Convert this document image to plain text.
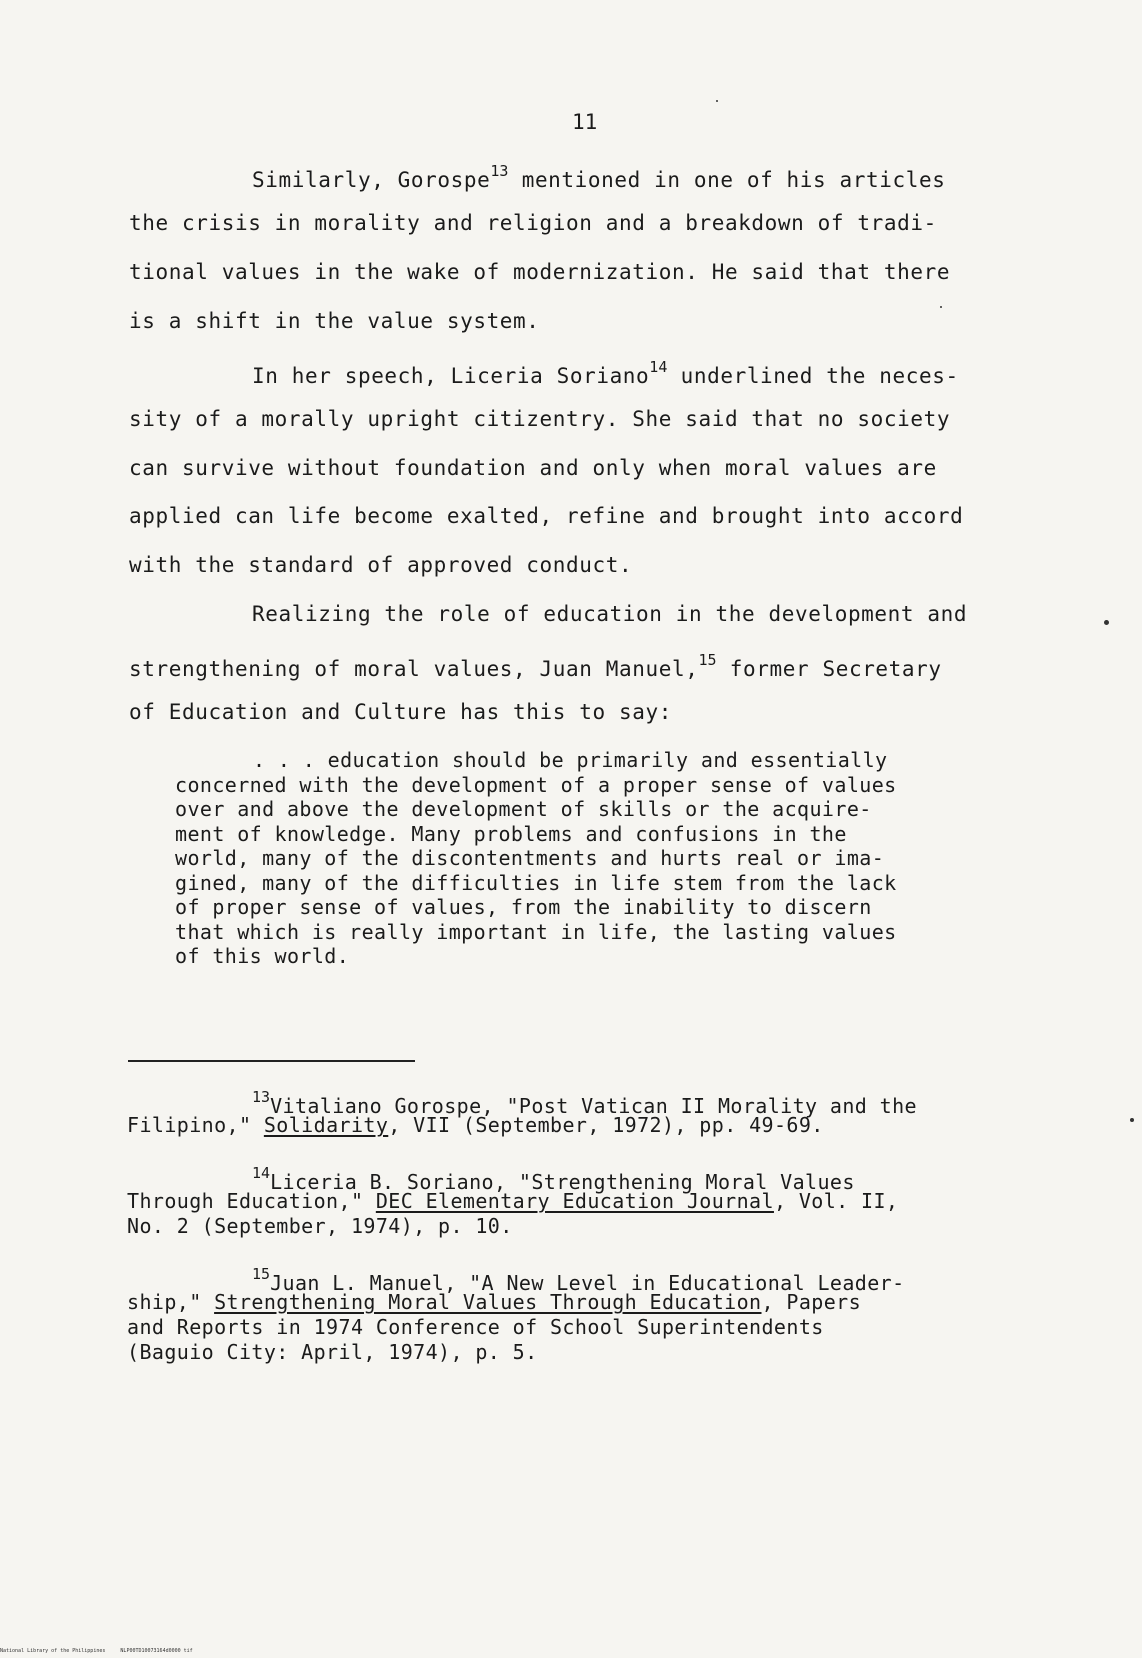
11
Similarly, Gorospe$^{13}$ mentioned in one of his articles
the crisis in morality and religion and a breakdown of tradi-
tional values in the wake of modernization. He said that there
is a shift in the value system.
In her speech, Liceria Soriano$^{14}$ underlined the neces-
sity of a morally upright citizentry. She said that no society
can survive without foundation and only when moral values are
applied can life become exalted, refine and brought into accord
with the standard of approved conduct.
Realizing the role of education in the development and
strengthening of moral values, Juan Manuel,$^{15}$ former Secretary
of Education and Culture has this to say:
. . . education should be primarily and essentially
concerned with the development of a proper sense of values
over and above the development of skills or the acquire-
ment of knowledge. Many problems and confusions in the
world, many of the discontentments and hurts real or ima-
gined, many of the difficulties in life stem from the lack
of proper sense of values, from the inability to discern
that which is really important in life, the lasting values
of this world.
$^{13}$Vitaliano Gorospe, "Post Vatican II Morality and the
Filipino," Solidarity, VII (September, 1972), pp. 49-69.
$^{14}$Liceria B. Soriano, "Strengthening Moral Values
Through Education," DEC Elementary Education Journal, Vol. II,
No. 2 (September, 1974), p. 10.
$^{15}$Juan L. Manuel, "A New Level in Educational Leader-
ship," Strengthening Moral Values Through Education, Papers
and Reports in 1974 Conference of School Superintendents
(Baguio City: April, 1974), p. 5.
National Library of the Philippines	NLP00TD10073164d0000 tif
